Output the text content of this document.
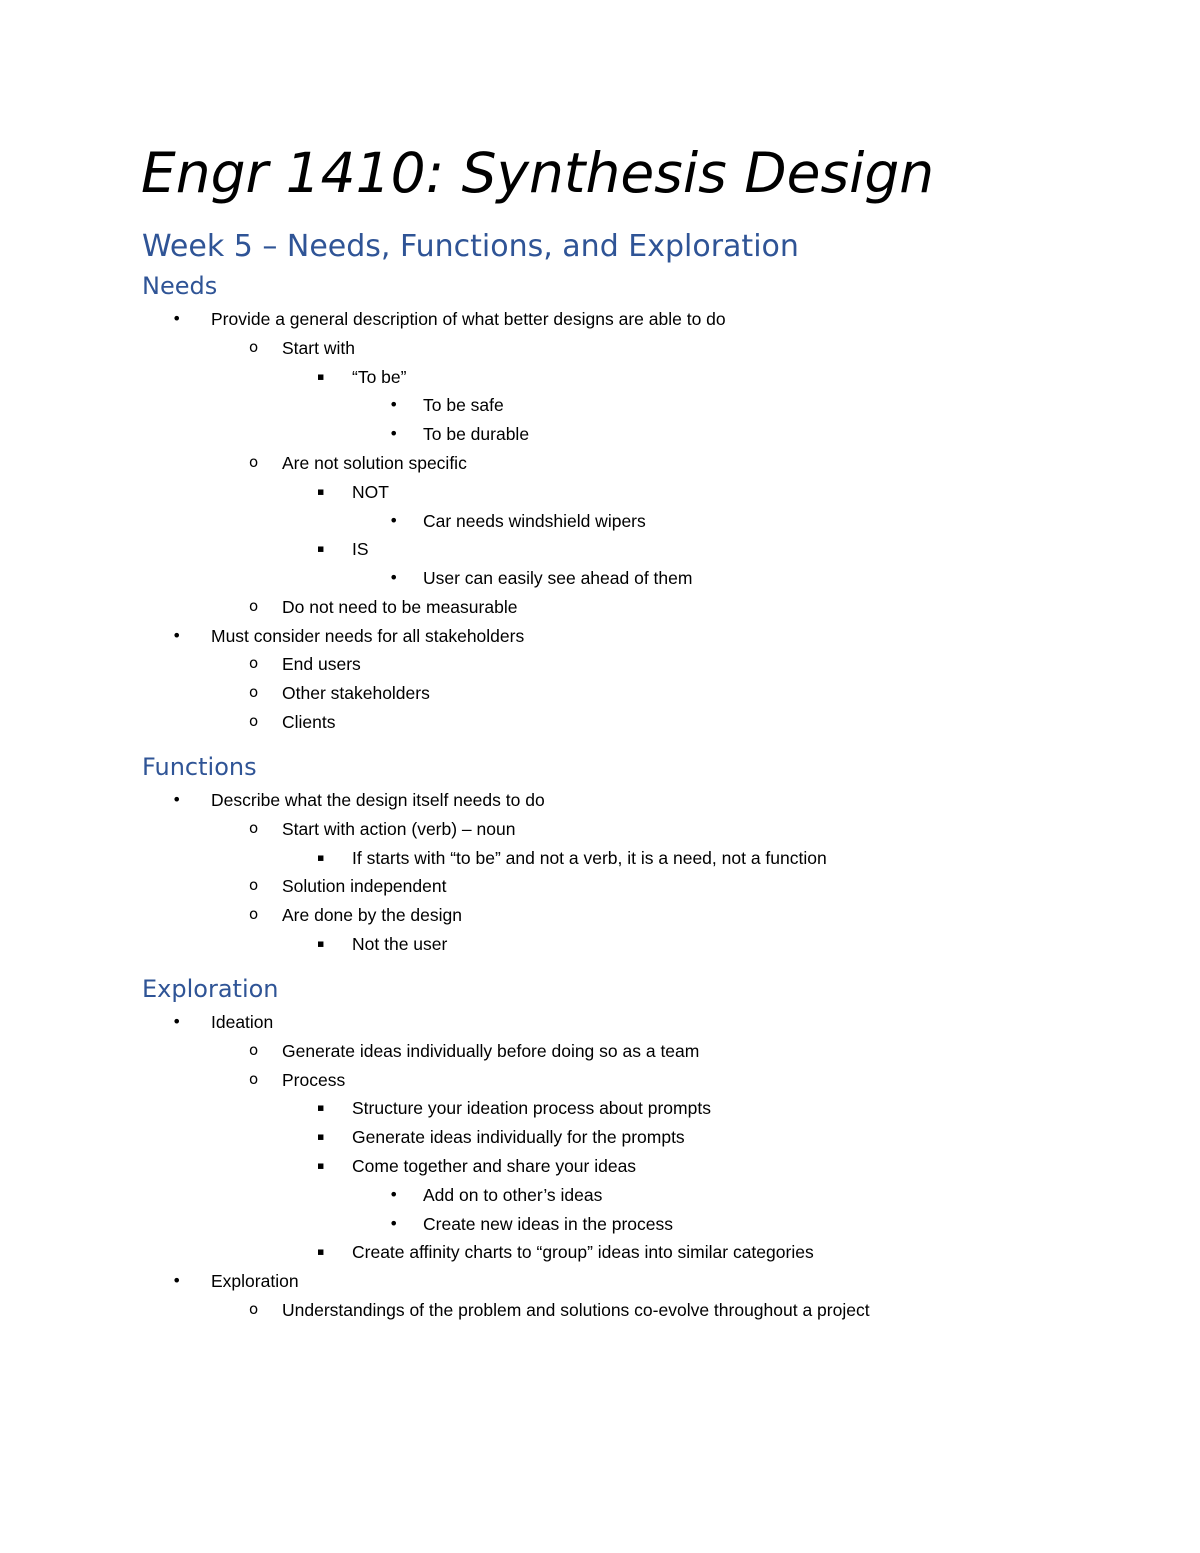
Engr 1410: Synthesis Design
Week 5 – Needs, Functions, and Exploration
Needs
• Provide a general description of what better designs are able to do
o Start with
▪ “To be”
• To be safe
• To be durable
o Are not solution specific
▪ NOT
• Car needs windshield wipers
▪ IS
• User can easily see ahead of them
o Do not need to be measurable
• Must consider needs for all stakeholders
o End users
o Other stakeholders
o Clients
Functions
• Describe what the design itself needs to do
o Start with action (verb) – noun
▪ If starts with “to be” and not a verb, it is a need, not a function
o Solution independent
o Are done by the design
▪ Not the user
Exploration
• Ideation
o Generate ideas individually before doing so as a team
o Process
▪ Structure your ideation process about prompts
▪ Generate ideas individually for the prompts
▪ Come together and share your ideas
• Add on to other’s ideas
• Create new ideas in the process
▪ Create affinity charts to “group” ideas into similar categories
• Exploration
o Understandings of the problem and solutions co-evolve throughout a project
